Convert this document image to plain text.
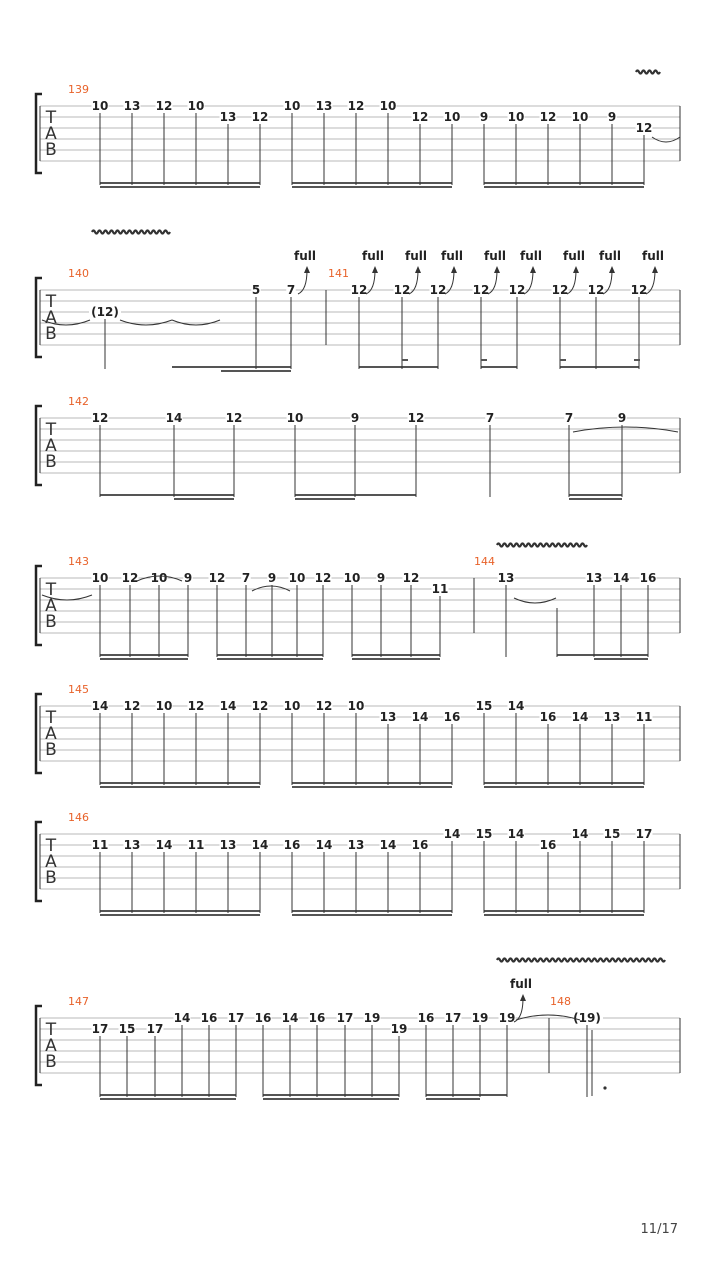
T
A
B
139
10 13 12 10
13 12
10 13 12 10
12 10 9 10 12 10 9
12
T
A
B
140	141
(12)
5 7	12 12 12 12 12 12 12 12
full	full full full full full full full full
T
A
B
142
12	14	12	10	9	12	7	7	9
T
A
B
143	144
10 12 10 9 12 7 9 10 12 10 9 12
11
13	13 14 16
T
A
B
145
14 12 10 12 14 12 10 12 10
13 14 16
15 14
16 14 13 11
T
A
B
146
11 13 14 11 13 14 16 14 13 14 16
14 15 14
16
14 15 17
T
A
B
147	148
17 15 17
14 16 17 16 14 16 17 19
19
16 17 19 19	(19)
full
11/17
